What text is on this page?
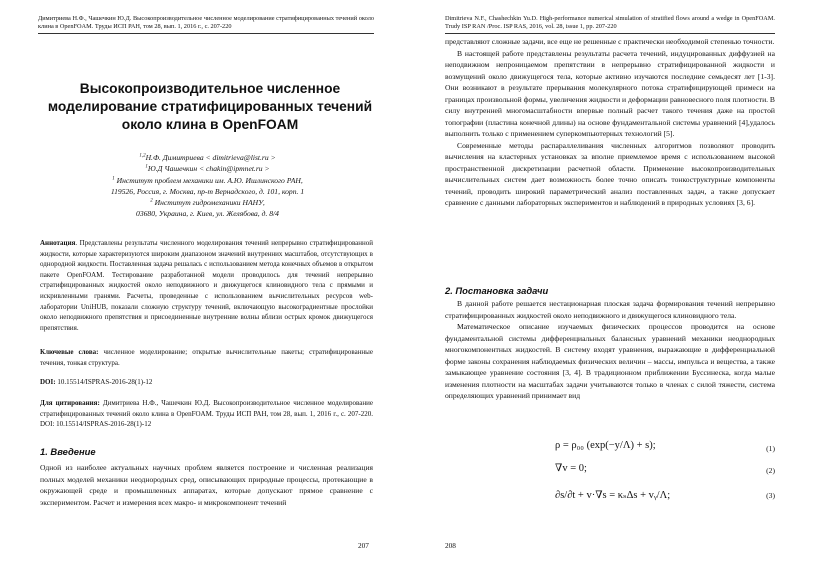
Димитриева Н.Ф., Чашечкин Ю.Д. Высокопроизводительное численное моделирование стратифицированных течений около клина в OpenFOAM. Труды ИСП РАН, том 28, вып. 1, 2016 г., с. 207-220
Высокопроизводительное численное моделирование стратифицированных течений около клина в OpenFOAM

$^{1,2}$Н.Ф. Димитриева < dimitrieva@list.ru >

$^1$Ю.Д Чашечкин < chakin@ipmnet.ru >

$^1$ Институт проблем механики им. А.Ю. Ишлинского РАН,

119526, Россия, г. Москва, пр-т Вернадского, д. 101, корп. 1

$^2$ Институт гидромеханики НАНУ,

03680, Украина, г. Киев, ул. Желябова, д. 8/4

Аннотация. Представлены результаты численного моделирования течений непрерывно стратифицированной жидкости, которые характеризуются широким диапазоном значений внутренних масштабов, отсутствующих в однородной жидкости. Поставленная задача решалась с использованием метода конечных объемов в открытом пакете OpenFOAM. Тестирование разработанной модели проводилось для течений непрерывно стратифицированных жидкостей около неподвижного и движущегося клиновидного тела с прямыми и искривленными гранями. Расчеты, проведенные с использованием вычислительных ресурсов web-лаборатории UniHUB, показали сложную структуру течений, включающую высокоградиентные прослойки около неподвижного препятствия и присоединенные внутренние волны вблизи острых кромок движущегося препятствия.

Ключевые слова: численное моделирование; открытые вычислительные пакеты; стратифицированные течения, тонкая структура.

DOI: 10.15514/ISPRAS-2016-28(1)-12

Для цитирования: Димитриева Н.Ф., Чашечкин Ю.Д. Высокопроизводительное численное моделирование стратифицированных течений около клина в OpenFOAM. Труды ИСП РАН, том 28, вып. 1, 2016 г., с. 207-220. DOI: 10.15514/ISPRAS-2016-28(1)-12

1. Введение

Одной из наиболее актуальных научных проблем является построение и численная реализация полных моделей механики неоднородных сред, описывающих природные процессы, протекающие в окружающей среде и промышленных аппаратах, которые допускают прямое сравнение с экспериментом. Расчет и измерения всех макро- и микрокомпонент течений

207
Dimitrieva N.F., Chashechkin Yu.D. High-performance numerical simulation of stratified flows around a wedge in OpenFOAM. Trudy ISP RAN /Proc. ISP RAS, 2016, vol. 28, issue 1, pp. 207-220

представляют сложные задачи, все еще не решенные с практически необходимой степенью точности.

В настоящей работе представлены результаты расчета течений, индуцированных диффузией на неподвижном непроницаемом препятствии в непрерывно стратифицированной жидкости и возмущений около движущегося тела, которые активно изучаются последние семьдесят лет [1-3]. Они возникают в результате прерывания молекулярного потока стратифицирующей примеси на границах произвольной формы, увеличения жидкости и деформации равновесного поля плотности. В силу внутренней многомасштабности впервые полный расчет такого течения даже на простой топографии (пластина конечной длины) на основе фундаментальной системы уравнений [4],удалось выполнить только с применением суперкомпьютерных технологий [5].

Современные методы распараллеливания численных алгоритмов позволяют проводить вычисления на кластерных установках за вполне приемлемое время с использованием высокой пространственной дискретизации расчетной области. Применение высокопроизводительных вычислительных систем дает возможность более точно описать тонкоструктурные компоненты течений, проводить широкий параметрический анализ поставленных задач, а также допускает сравнение с данными лабораторных экспериментов и наблюдений в природных условиях [3, 6].

2. Постановка задачи

В данной работе решается нестационарная плоская задача формирования течений непрерывно стратифицированных жидкостей около неподвижного и движущегося клиновидного тела.

Математическое описание изучаемых физических процессов проводится на основе фундаментальной системы дифференциальных балансных уравнений механики неоднородных многокомпонентных жидкостей. В систему входят уравнения, выражающие в дифференциальной форме законы сохранения наблюдаемых физических величин – массы, импульса и вещества, а также замыкающее уравнение состояния [3, 4]. В традиционном приближении Буссинеска, когда малые изменения плотности на масштабах задачи учитываются только в членах с силой тяжести, система определяющих уравнений принимает вид

ρ = ρ₀₀ (exp(−y/Λ) + s);	(1)
∇v = 0;	(2)
∂s/∂t + v·∇s = κₛΔs + vᵧ/Λ;	(3)
208
